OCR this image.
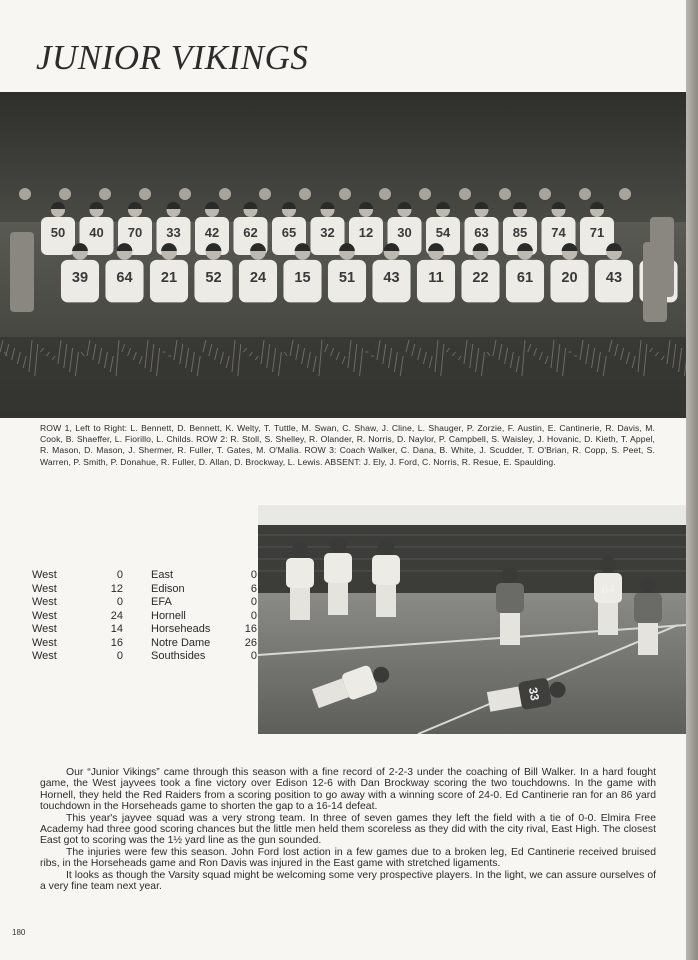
JUNIOR VIKINGS
50 40 70 33 42 62 65 32 12 30 54 63 85 74 71
39 64 21 52 24 15 51 43 11 22 61 20 43
ROW 1, Left to Right: L. Bennett, D. Bennett, K. Welty, T. Tuttle, M. Swan, C. Shaw, J. Cline, L. Shauger, P. Zorzie, F. Austin, E. Cantinerie, R. Davis, M. Cook, B. Shaeffer, L. Fiorillo, L. Childs. ROW 2: R. Stoll, S. Shelley, R. Olander, R. Norris, D. Naylor, P. Campbell, S. Waisley, J. Hovanic, D. Kieth, T. Appel, R. Mason, D. Mason, J. Shermer, R. Fuller, T. Gates, M. O'Malia. ROW 3: Coach Walker, C. Dana, B. White, J. Scudder, T. O'Brian, R. Copp, S. Peet, S. Warren, P. Smith, P. Donahue, R. Fuller, D. Allan, D. Brockway, L. Lewis. ABSENT: J. Ely, J. Ford, C. Norris, R. Resue, E. Spaulding.
West	0	East	0
West	12	Edison	6
West	0	EFA	0
West	24	Hornell	0
West	14	Horseheads	16
West	16	Notre Dame	26
West	0	Southsides	0
84
33

Our “Junior Vikings” came through this season with a fine record of 2-2-3 under the coaching of Bill Walker. In a hard fought game, the West jayvees took a fine victory over Edison 12-6 with Dan Brockway scoring the two touchdowns. In the game with Hornell, they held the Red Raiders from a scoring position to go away with a winning score of 24-0. Ed Cantinerie ran for an 86 yard touchdown in the Horseheads game to shorten the gap to a 16-14 defeat.

This year's jayvee squad was a very strong team. In three of seven games they left the field with a tie of 0-0. Elmira Free Academy had three good scoring chances but the little men held them scoreless as they did with the city rival, East High. The closest East got to scoring was the 1½ yard line as the gun sounded.

The injuries were few this season. John Ford lost action in a few games due to a broken leg, Ed Cantinerie received bruised ribs, in the Horseheads game and Ron Davis was injured in the East game with stretched ligaments.

It looks as though the Varsity squad might be welcoming some very prospective players. In the light, we can assure ourselves of a very fine team next year.

180
